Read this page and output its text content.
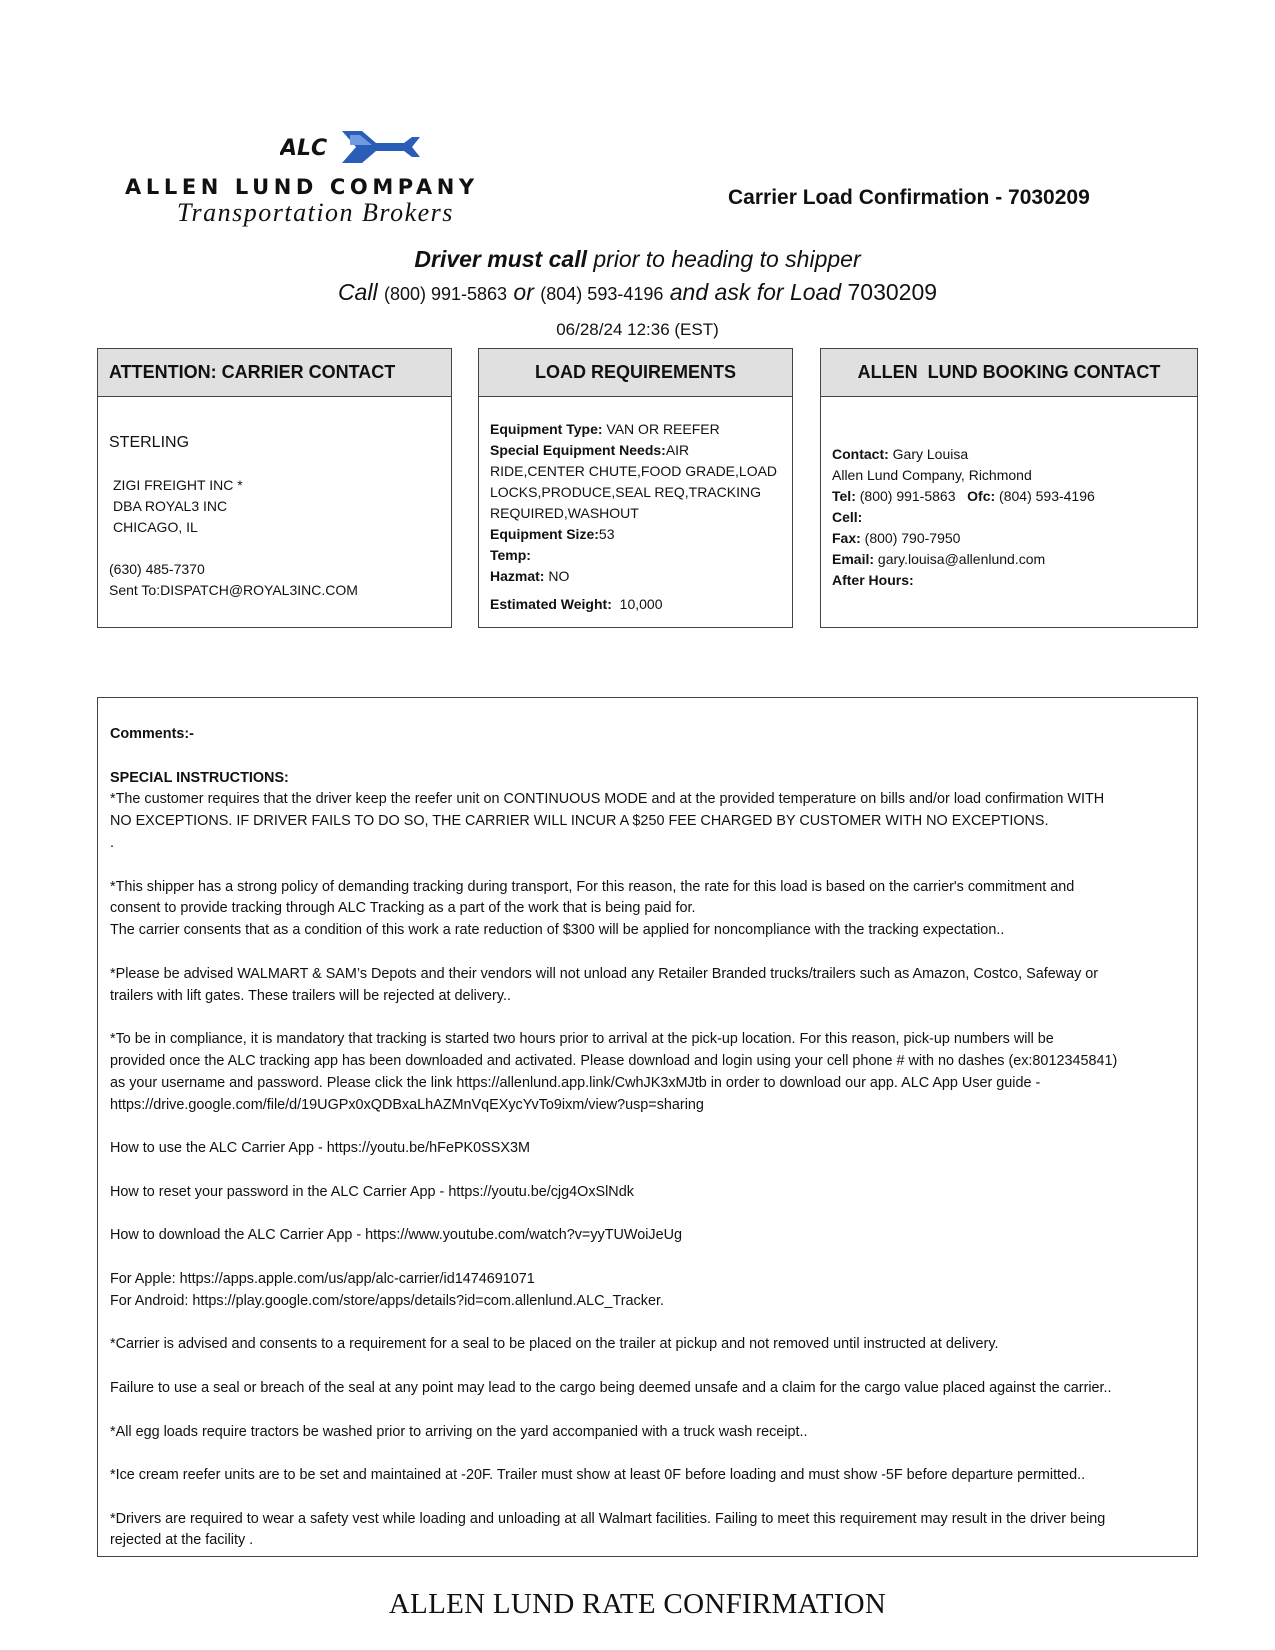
ALC
ALLEN LUND COMPANY
Transportation Brokers
Carrier Load Confirmation - 7030209
Driver must call prior to heading to shipper
Call (800) 991-5863 or (804) 593-4196 and ask for Load 7030209
06/28/24 12:36 (EST)
ATTENTION: CARRIER CONTACT
STERLING
ZIGI FREIGHT INC *
DBA ROYAL3 INC
CHICAGO, IL
(630) 485-7370
Sent To:DISPATCH@ROYAL3INC.COM
LOAD REQUIREMENTS
Equipment Type: VAN OR REEFER
Special Equipment Needs:AIR
RIDE,CENTER CHUTE,FOOD GRADE,LOAD
LOCKS,PRODUCE,SEAL REQ,TRACKING
REQUIRED,WASHOUT
Equipment Size:53
Temp:
Hazmat: NO
Estimated Weight:  10,000
ALLEN  LUND BOOKING CONTACT
Contact: Gary Louisa
Allen Lund Company, Richmond
Tel: (800) 991-5863   Ofc: (804) 593-4196
Cell:
Fax: (800) 790-7950
Email: gary.louisa@allenlund.com
After Hours:

Comments:-

SPECIAL INSTRUCTIONS:

*The customer requires that the driver keep the reefer unit on CONTINUOUS MODE and at the provided temperature on bills and/or load confirmation WITH

NO EXCEPTIONS. IF DRIVER FAILS TO DO SO, THE CARRIER WILL INCUR A $250 FEE CHARGED BY CUSTOMER WITH NO EXCEPTIONS.

.

*This shipper has a strong policy of demanding tracking during transport, For this reason, the rate for this load is based on the carrier's commitment and

consent to provide tracking through ALC Tracking as a part of the work that is being paid for.

The carrier consents that as a condition of this work a rate reduction of $300 will be applied for noncompliance with the tracking expectation..

*Please be advised WALMART & SAM’s Depots and their vendors will not unload any Retailer Branded trucks/trailers such as Amazon, Costco, Safeway or

trailers with lift gates. These trailers will be rejected at delivery..

*To be in compliance, it is mandatory that tracking is started two hours prior to arrival at the pick-up location. For this reason, pick-up numbers will be

provided once the ALC tracking app has been downloaded and activated. Please download and login using your cell phone # with no dashes (ex:8012345841)

as your username and password. Please click the link https://allenlund.app.link/CwhJK3xMJtb in order to download our app. ALC App User guide -

https://drive.google.com/file/d/19UGPx0xQDBxaLhAZMnVqEXycYvTo9ixm/view?usp=sharing

How to use the ALC Carrier App - https://youtu.be/hFePK0SSX3M

How to reset your password in the ALC Carrier App - https://youtu.be/cjg4OxSlNdk

How to download the ALC Carrier App - https://www.youtube.com/watch?v=yyTUWoiJeUg

For Apple: https://apps.apple.com/us/app/alc-carrier/id1474691071

For Android: https://play.google.com/store/apps/details?id=com.allenlund.ALC_Tracker.

*Carrier is advised and consents to a requirement for a seal to be placed on the trailer at pickup and not removed until instructed at delivery.

Failure to use a seal or breach of the seal at any point may lead to the cargo being deemed unsafe and a claim for the cargo value placed against the carrier..

*All egg loads require tractors be washed prior to arriving on the yard accompanied with a truck wash receipt..

*Ice cream reefer units are to be set and maintained at -20F. Trailer must show at least 0F before loading and must show -5F before departure permitted..

*Drivers are required to wear a safety vest while loading and unloading at all Walmart facilities. Failing to meet this requirement may result in the driver being

rejected at the facility .

ALLEN LUND RATE CONFIRMATION
